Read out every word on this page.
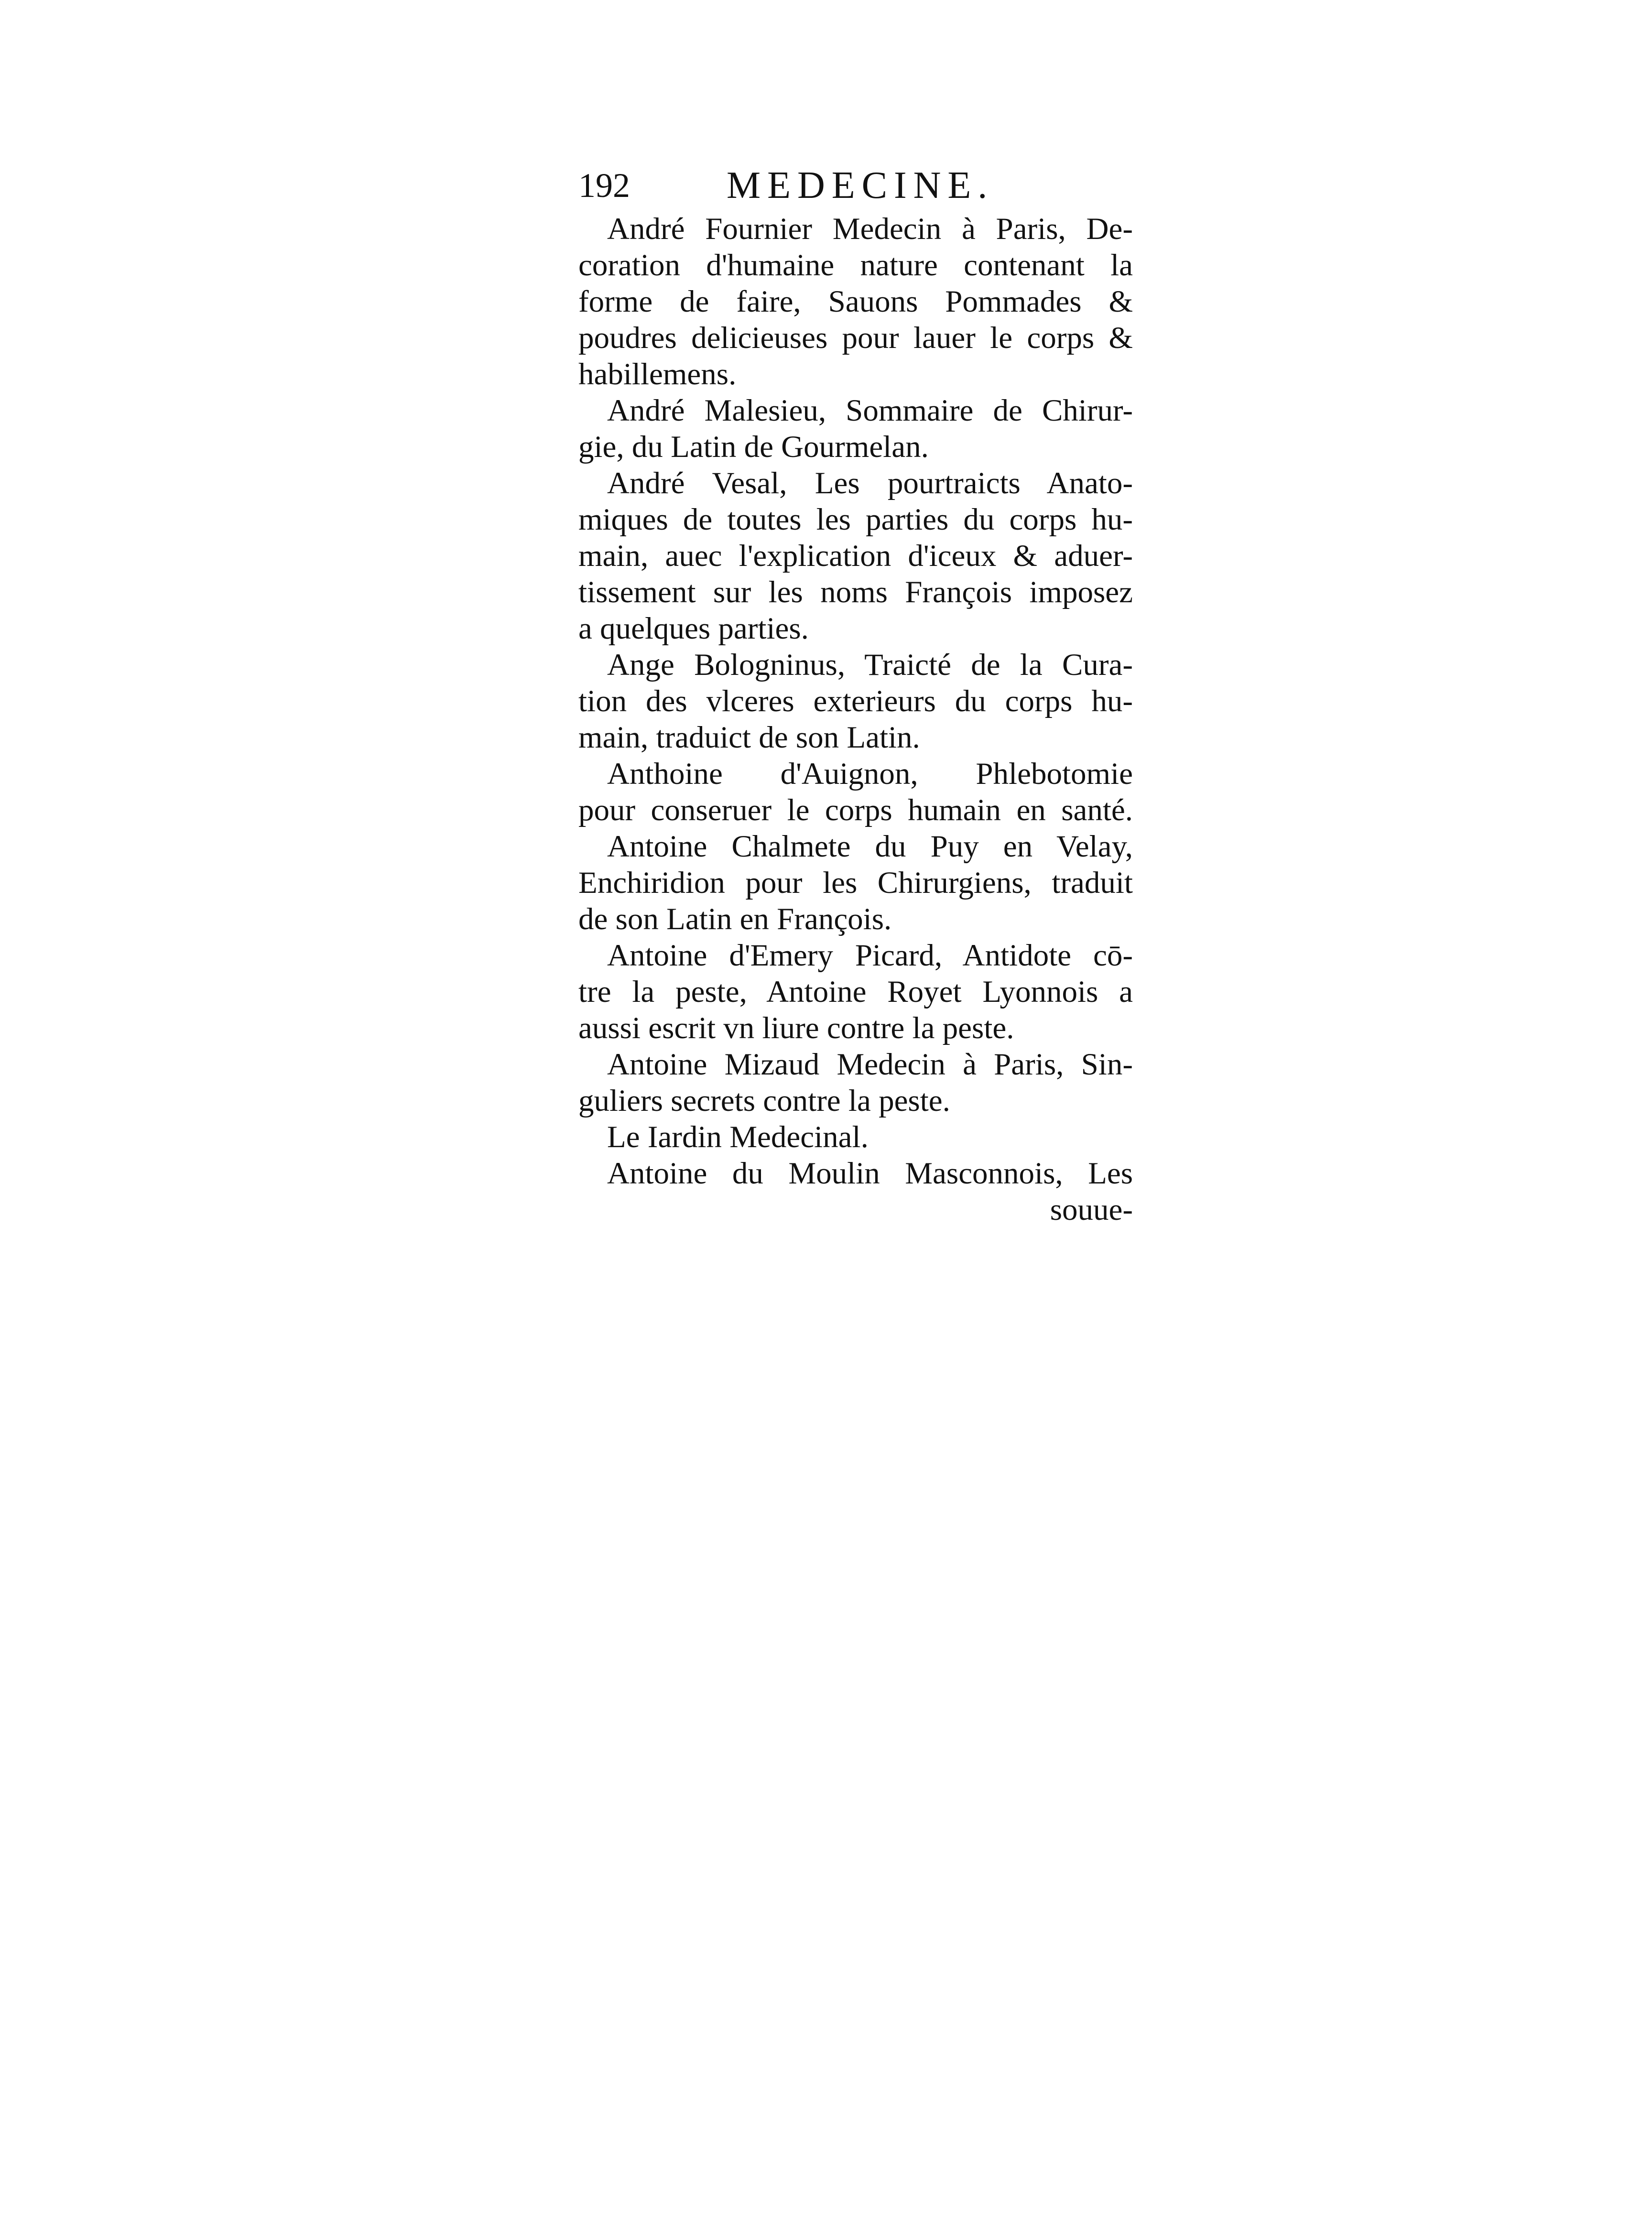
192	MEDECINE.
André Fournier Medecin à Paris, De-
coration d'humaine nature contenant la
forme de faire, Sauons Pommades &
poudres delicieuses pour lauer le corps &
habillemens.
André Malesieu, Sommaire de Chirur-
gie, du Latin de Gourmelan.
André Vesal, Les pourtraicts Anato-
miques de toutes les parties du corps hu-
main, auec l'explication d'iceux & aduer-
tissement sur les noms François imposez
a quelques parties.
Ange Bologninus, Traicté de la Cura-
tion des vlceres exterieurs du corps hu-
main, traduict de son Latin.
Anthoine d'Auignon, Phlebotomie
pour conseruer le corps humain en santé.
Antoine Chalmete du Puy en Velay,
Enchiridion pour les Chirurgiens, traduit
de son Latin en François.
Antoine d'Emery Picard, Antidote cō-
tre la peste, Antoine Royet Lyonnois a
aussi escrit vn liure contre la peste.
Antoine Mizaud Medecin à Paris, Sin-
guliers secrets contre la peste.
Le Iardin Medecinal.
Antoine du Moulin Masconnois, Les
souue-
